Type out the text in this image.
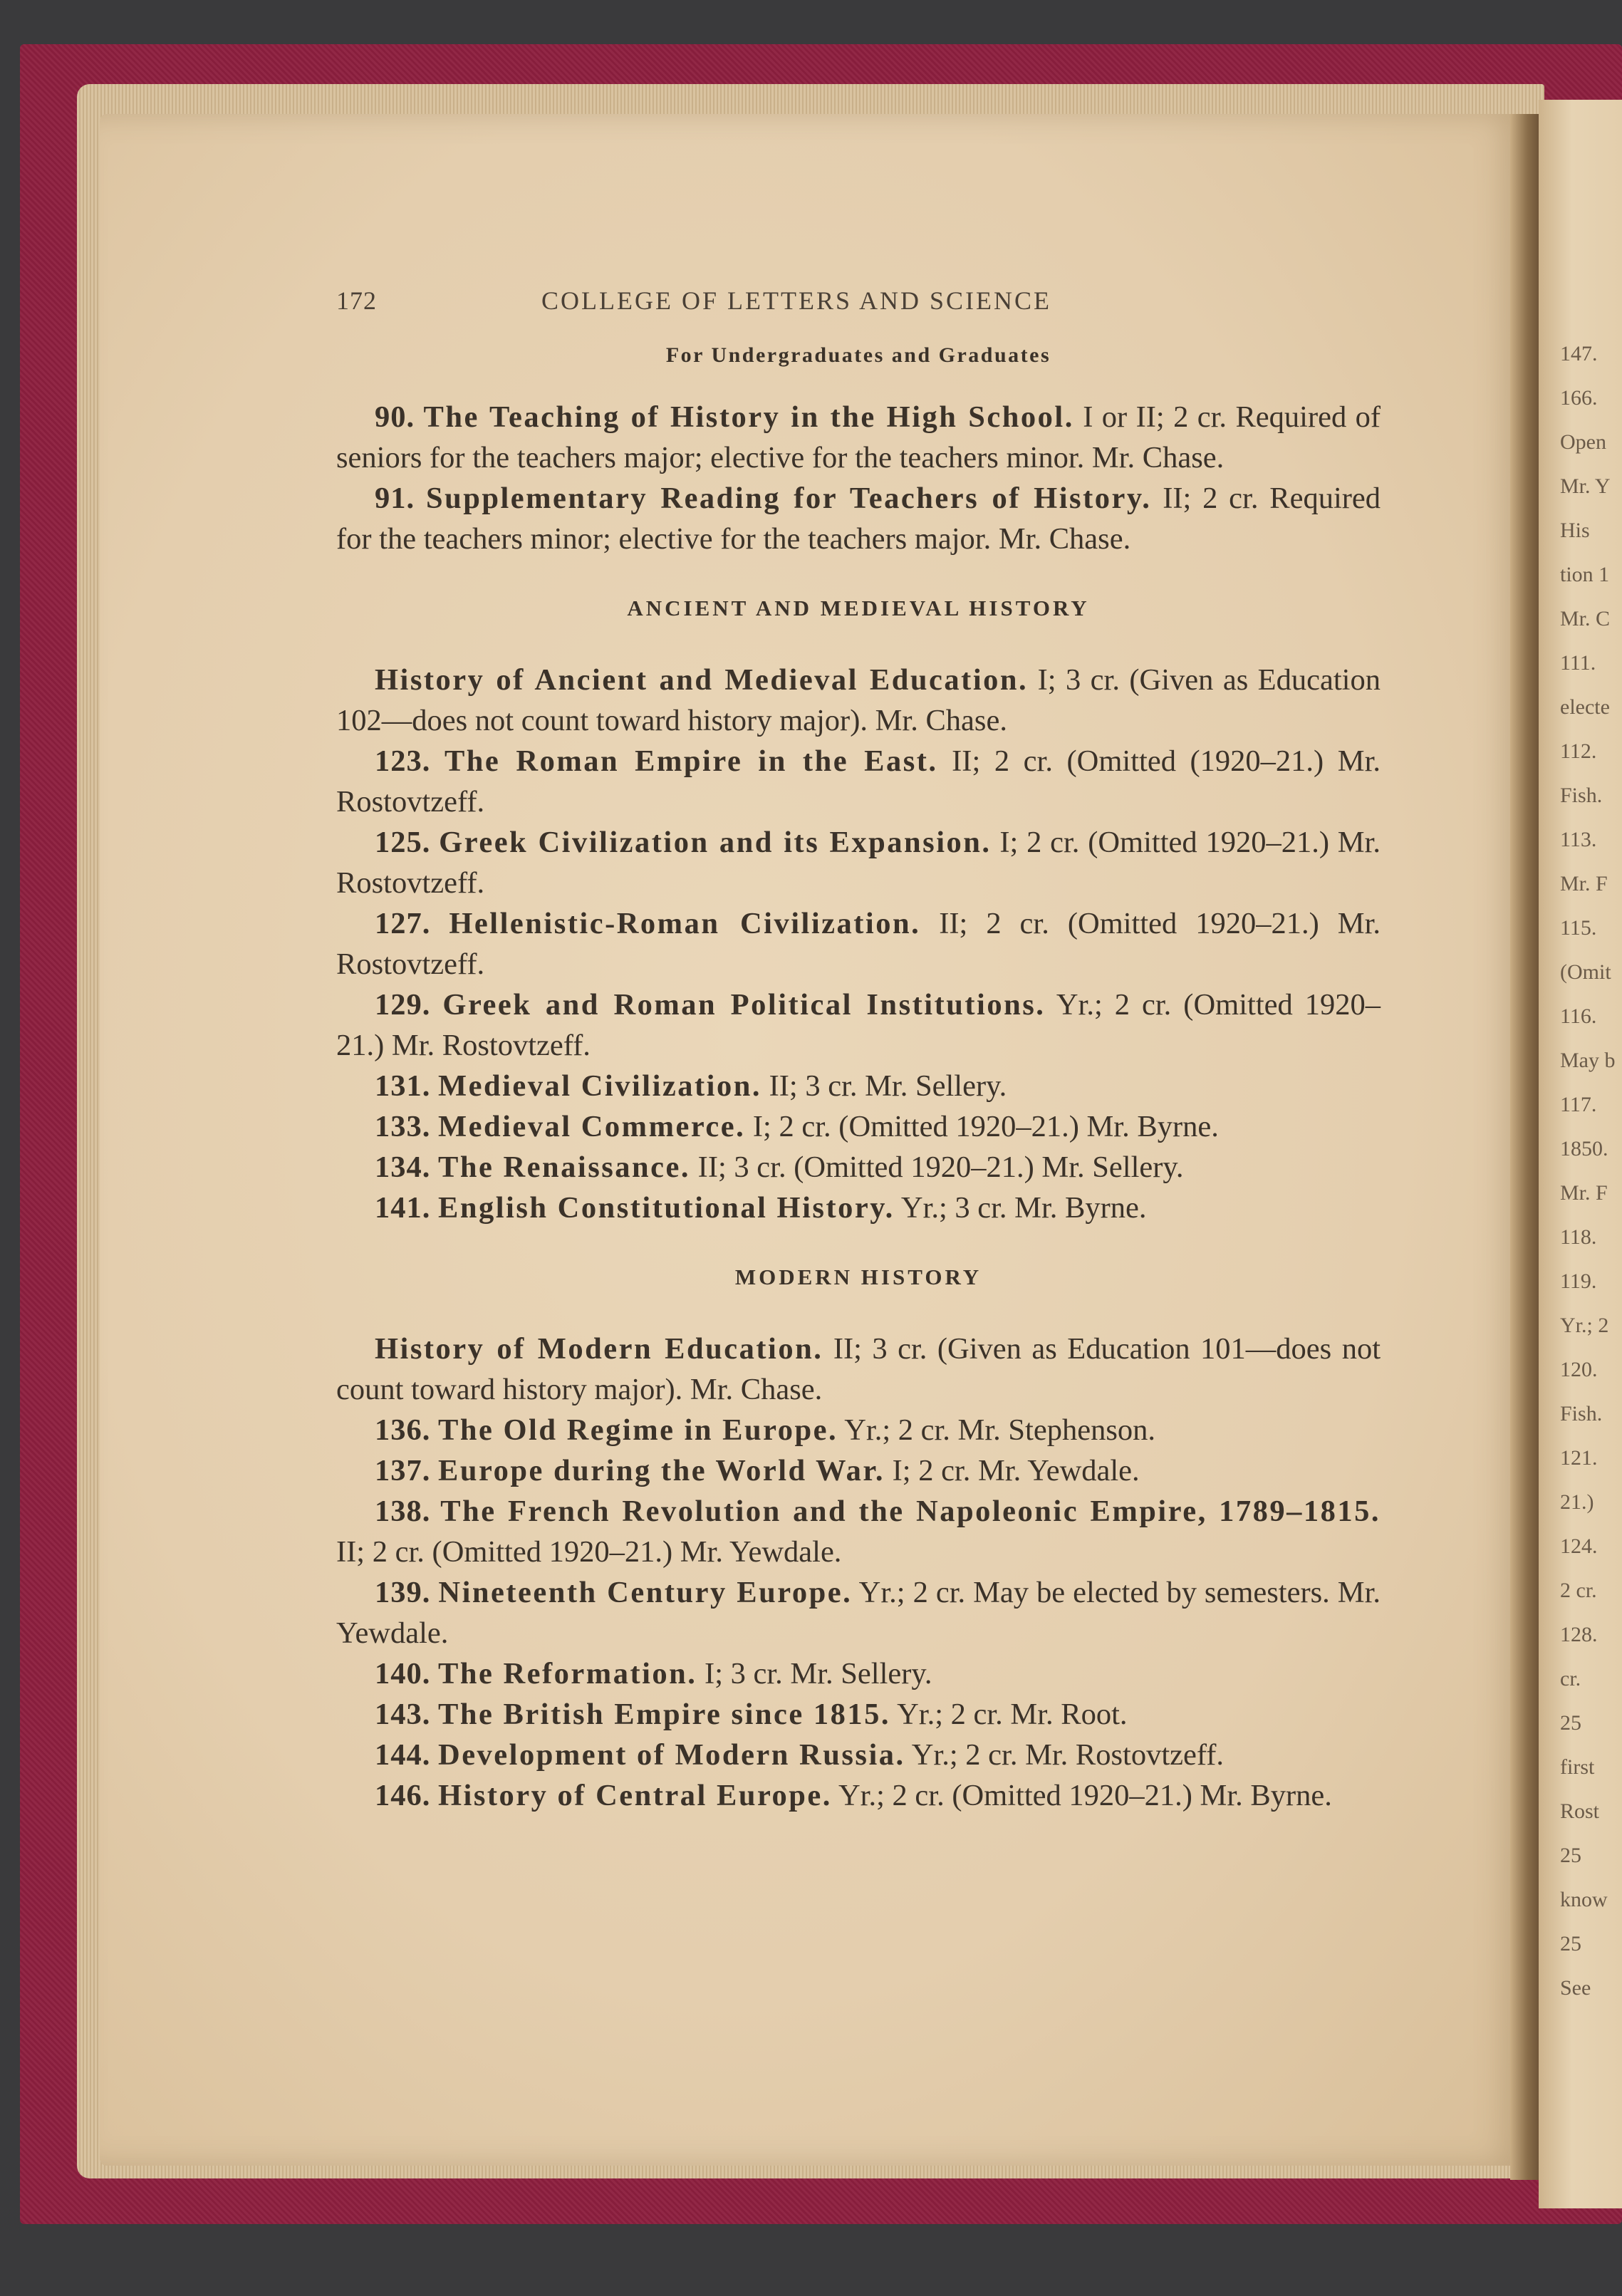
147.
166.
Open
Mr. Y
His
tion 1
Mr. C
111.
electe
112.
Fish.
113.
Mr. F
115.
(Omit
116.
May b
117.
1850.
Mr. F
118.
119.
Yr.; 2
120.
Fish.
121.
21.)
124.
2 cr.
128.
cr.
25
first
Rost
25
know
25
See
172	COLLEGE OF LETTERS AND SCIENCE
For Undergraduates and Graduates

90. The Teaching of History in the High School. I or II; 2 cr. Required of seniors for the teachers major; elective for the teachers minor. Mr. Chase.

91. Supplementary Reading for Teachers of History. II; 2 cr. Required for the teachers minor; elective for the teachers major. Mr. Chase.

ANCIENT AND MEDIEVAL HISTORY

History of Ancient and Medieval Education. I; 3 cr. (Given as Education 102—does not count toward history major). Mr. Chase.

123. The Roman Empire in the East. II; 2 cr. (Omitted (1920–21.) Mr. Rostovtzeff.

125. Greek Civilization and its Expansion. I; 2 cr. (Omitted 1920–21.) Mr. Rostovtzeff.

127. Hellenistic-Roman Civilization. II; 2 cr. (Omitted 1920–21.) Mr. Rostovtzeff.

129. Greek and Roman Political Institutions. Yr.; 2 cr. (Omitted 1920–21.) Mr. Rostovtzeff.

131. Medieval Civilization. II; 3 cr. Mr. Sellery.

133. Medieval Commerce. I; 2 cr. (Omitted 1920–21.) Mr. Byrne.

134. The Renaissance. II; 3 cr. (Omitted 1920–21.) Mr. Sellery.

141. English Constitutional History. Yr.; 3 cr. Mr. Byrne.

MODERN HISTORY

History of Modern Education. II; 3 cr. (Given as Education 101—does not count toward history major). Mr. Chase.

136. The Old Regime in Europe. Yr.; 2 cr. Mr. Stephenson.

137. Europe during the World War. I; 2 cr. Mr. Yewdale.

138. The French Revolution and the Napoleonic Empire, 1789–1815. II; 2 cr. (Omitted 1920–21.) Mr. Yewdale.

139. Nineteenth Century Europe. Yr.; 2 cr. May be elected by semesters. Mr. Yewdale.

140. The Reformation. I; 3 cr. Mr. Sellery.

143. The British Empire since 1815. Yr.; 2 cr. Mr. Root.

144. Development of Modern Russia. Yr.; 2 cr. Mr. Rostovtzeff.

146. History of Central Europe. Yr.; 2 cr. (Omitted 1920–21.) Mr. Byrne.
